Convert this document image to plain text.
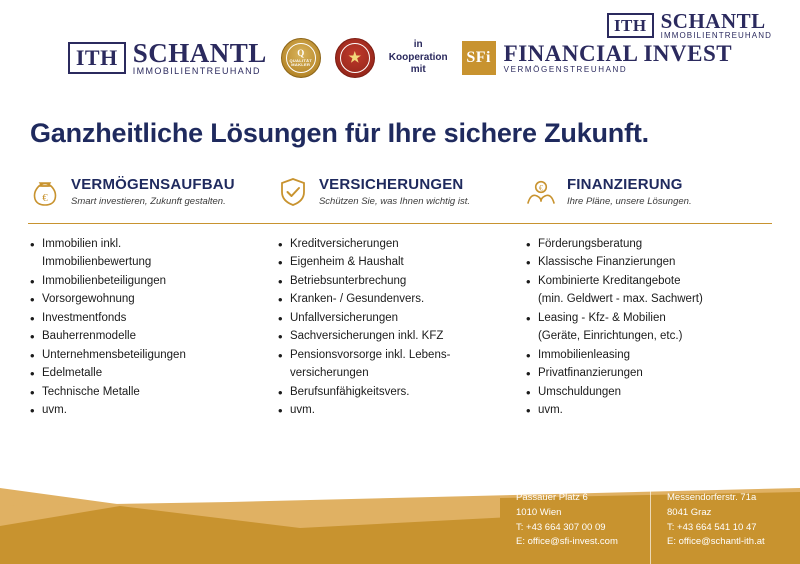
ITH SCHANTL
IMMOBILIENTREUHAND
ITH SCHANTL
IMMOBILIENTREUHAND
Q
QUALITÄT
MAKLER	★
in
Kooperation
mit
SFi FINANCIAL INVEST
VERMÖGENSTREUHAND
Ganzheitliche Lösungen für Ihre sichere Zukunft.
€
VERMÖGENSAUFBAU
Smart investieren, Zukunft gestalten.
VERSICHERUNGEN
Schützen Sie, was Ihnen wichtig ist.
€ FINANZIERUNG
Ihre Pläne, unsere Lösungen.
• Immobilien inkl.
Immobilienbewertung
• Immobilienbeteiligungen
• Vorsorgewohnung
• Investmentfonds
• Bauherrenmodelle
• Unternehmensbeteiligungen
• Edelmetalle
• Technische Metalle
• uvm.
• Kreditversicherungen
• Eigenheim & Haushalt
• Betriebsunterbrechung
• Kranken- / Gesundenvers.
• Unfallversicherungen
• Sachversicherungen inkl. KFZ
• Pensionsvorsorge inkl. Lebens-
versicherungen
• Berufsunfähigkeitsvers.
• uvm.
• Förderungsberatung
• Klassische Finanzierungen
• Kombinierte Kreditangebote
(min. Geldwert - max. Sachwert)
• Leasing - Kfz- & Mobilien
(Geräte, Einrichtungen, etc.)
• Immobilienleasing
• Privatfinanzierungen
• Umschuldungen
• uvm.
Office Wien:
Passauer Platz 6
1010 Wien
T: +43 664 307 00 09
E: office@sfi-invest.com
Office Graz:
Messendorferstr. 71a
8041 Graz
T: +43 664 541 10 47
E: office@schantl-ith.at
